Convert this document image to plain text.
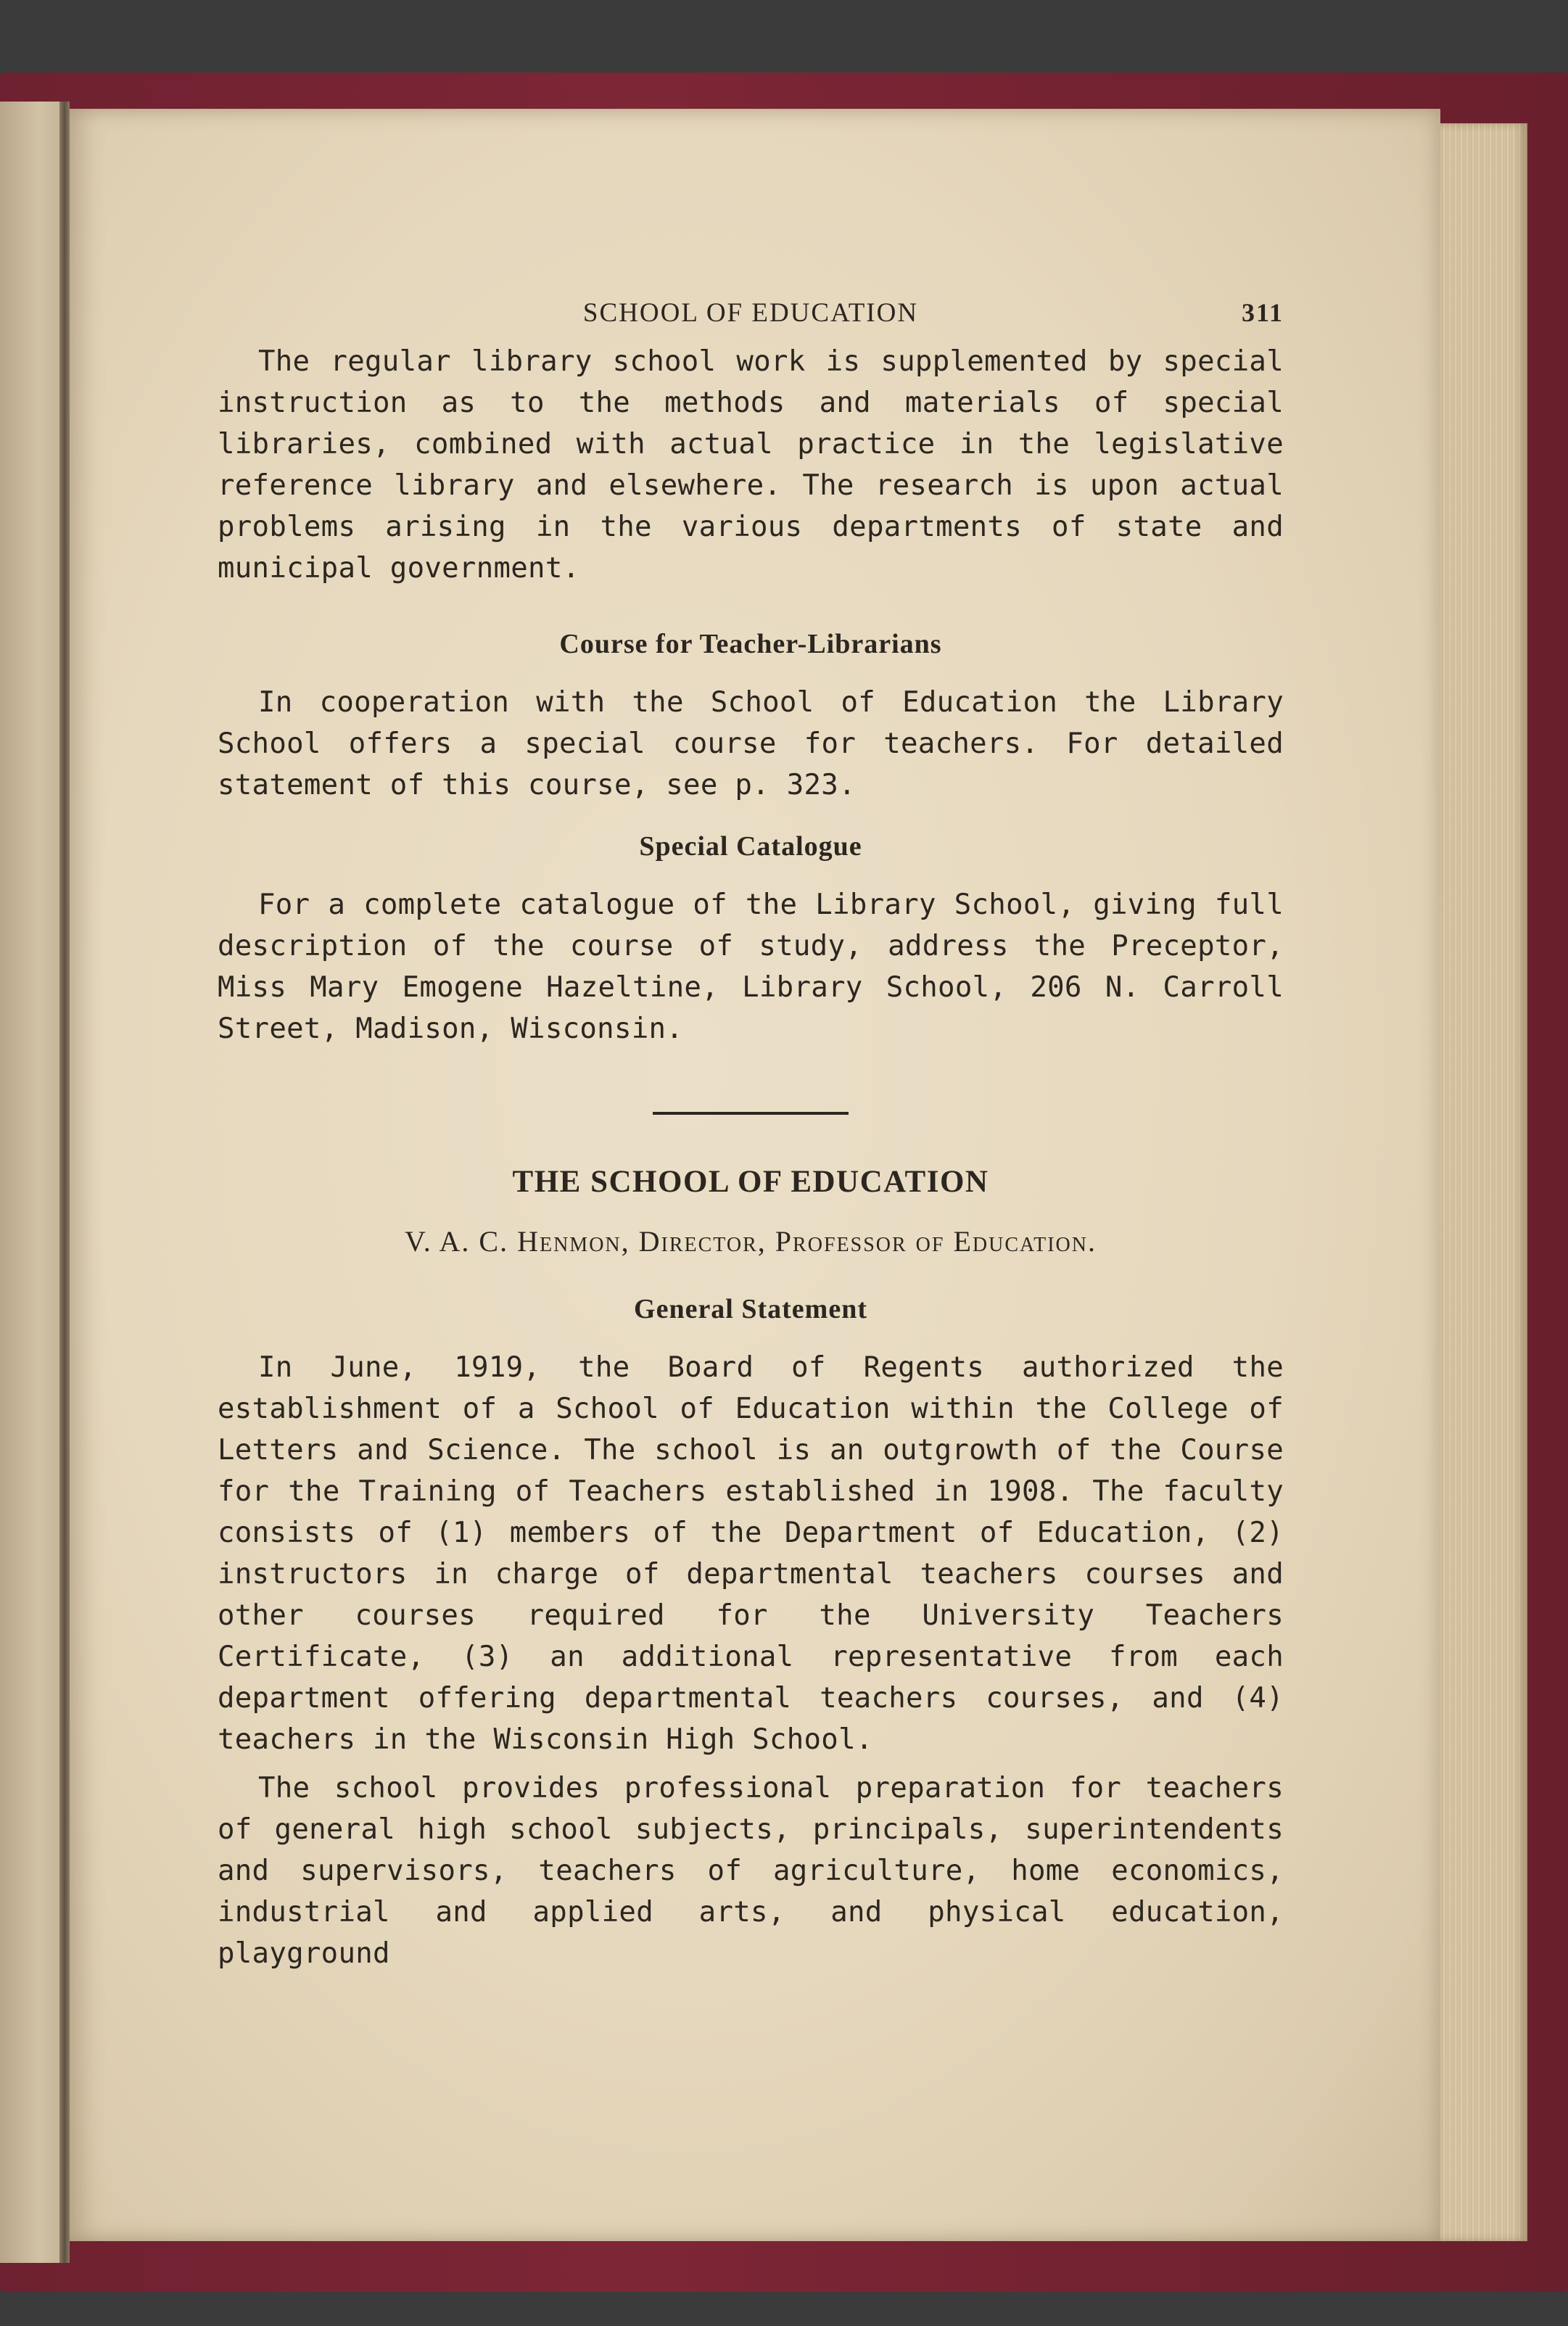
SCHOOL OF EDUCATION	311

The regular library school work is supplemented by special instruction as to the methods and materials of special libraries, combined with actual practice in the legislative reference library and elsewhere. The research is upon actual problems arising in the various departments of state and municipal government.

Course for Teacher-Librarians

In cooperation with the School of Education the Library School offers a special course for teachers. For detailed statement of this course, see p. 323.

Special Catalogue

For a complete catalogue of the Library School, giving full description of the course of study, address the Preceptor, Miss Mary Emogene Hazeltine, Library School, 206 N. Carroll Street, Madison, Wisconsin.

THE SCHOOL OF EDUCATION

V. A. C. Henmon, Director, Professor of Education.

General Statement

In June, 1919, the Board of Regents authorized the establishment of a School of Education within the College of Letters and Science. The school is an outgrowth of the Course for the Training of Teachers established in 1908. The faculty consists of (1) members of the Department of Education, (2) instructors in charge of departmental teachers courses and other courses required for the University Teachers Certificate, (3) an additional representative from each department offering departmental teachers courses, and (4) teachers in the Wisconsin High School.

The school provides professional preparation for teachers of general high school subjects, principals, superintendents and supervisors, teachers of agriculture, home economics, industrial and applied arts, and physical education, playground
